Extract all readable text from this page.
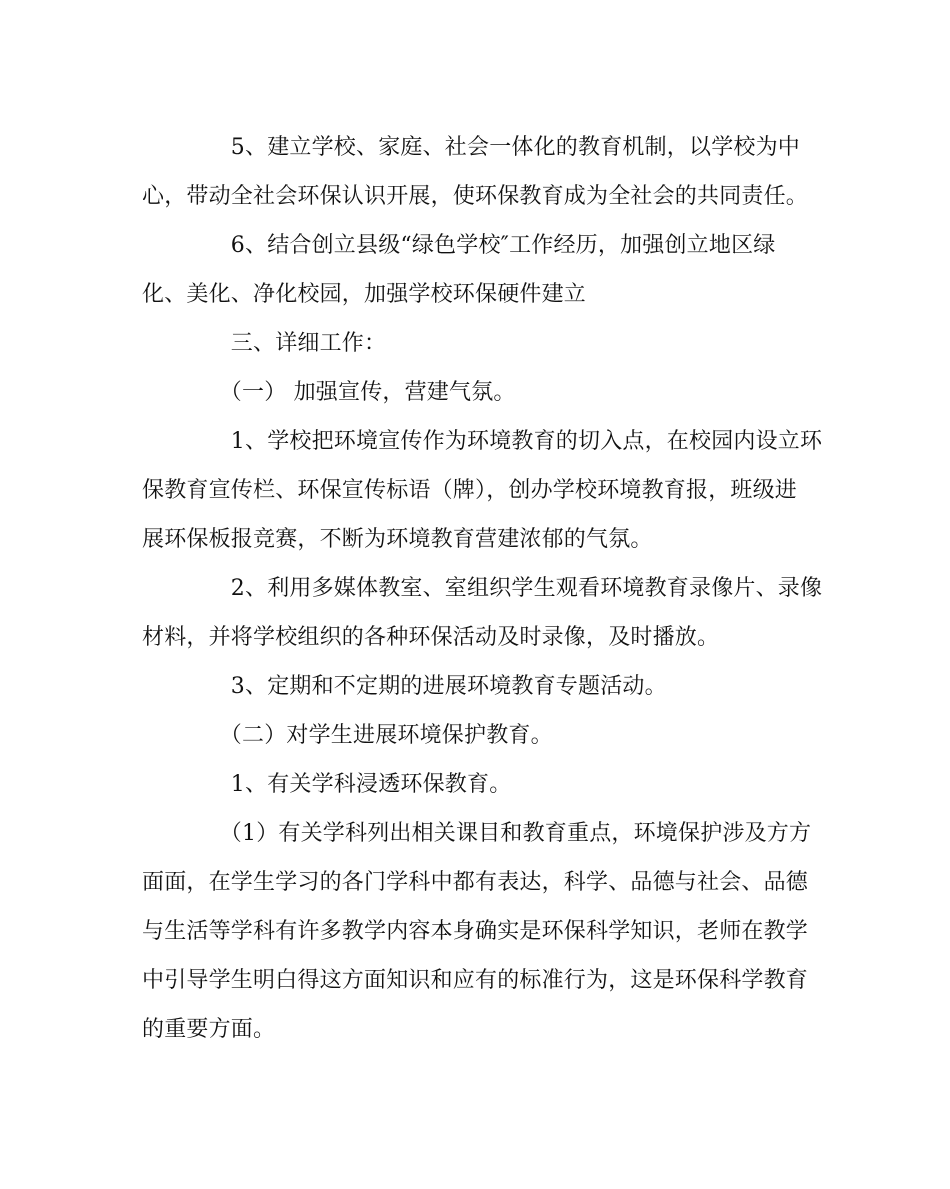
　　　　5、建立学校、家庭、社会一体化的教育机制，以学校为中
心，带动全社会环保认识开展，使环保教育成为全社会的共同责任。
　　　　6、结合创立县级“绿色学校″工作经历，加强创立地区绿
化、美化、净化校园，加强学校环保硬件建立
　　　　三、详细工作：
　　　　（一） 加强宣传，营建气氛。
　　　　1、学校把环境宣传作为环境教育的切入点，在校园内设立环
保教育宣传栏、环保宣传标语（牌），创办学校环境教育报，班级进
展环保板报竞赛，不断为环境教育营建浓郁的气氛。
　　　　2、利用多媒体教室、室组织学生观看环境教育录像片、录像
材料，并将学校组织的各种环保活动及时录像，及时播放。
　　　　3、定期和不定期的进展环境教育专题活动。
　　　　（二）对学生进展环境保护教育。
　　　　1、有关学科浸透环保教育。
　　　　（1）有关学科列出相关课目和教育重点，环境保护涉及方方
面面，在学生学习的各门学科中都有表达，科学、品德与社会、品德
与生活等学科有许多教学内容本身确实是环保科学知识，老师在教学
中引导学生明白得这方面知识和应有的标准行为，这是环保科学教育
的重要方面。
